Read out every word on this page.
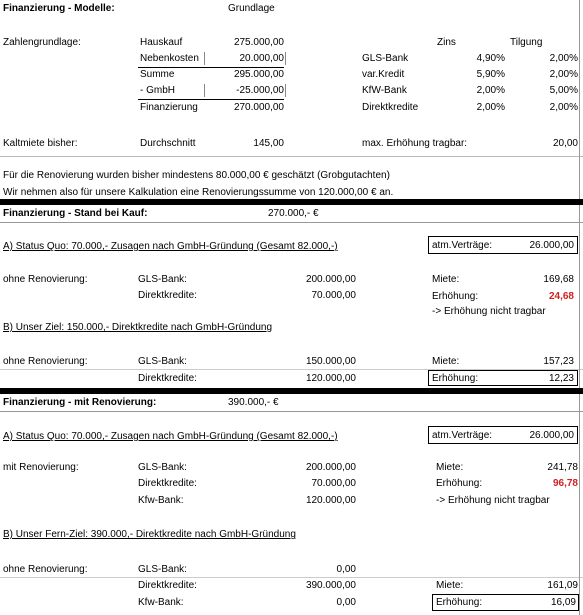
Finanzierung - Modelle:	Grundlage
Zahlengrundlage:	Hauskauf	275.000,00
Nebenkosten	20.000,00
Summe	295.000,00
- GmbH	-25.000,00
Finanzierung	270.000,00
Zins	Tilgung
GLS-Bank	4,90%	2,00%
var.Kredit	5,90%	2,00%
KfW-Bank	2,00%	5,00%
Direktkredite	2,00%	2,00%
Kaltmiete bisher:	Durchschnitt	145,00	max. Erhöhung tragbar:	20,00
Für die Renovierung wurden bisher mindestens 80.000,00 € geschätzt (Grobgutachten)
Wir nehmen also für unsere Kalkulation eine Renovierungssumme von 120.000,00 € an.
Finanzierung - Stand bei Kauf:	270.000,- €
A) Status Quo: 70.000,- Zusagen nach GmbH-Gründung (Gesamt 82.000,-)	atm.Verträge:	26.000,00
ohne Renovierung:	GLS-Bank:	200.000,00
Direktkredite:	70.000,00
Miete:	169,68
Erhöhung:	24,68
-> Erhöhung nicht tragbar
B) Unser Ziel: 150.000,- Direktkredite nach GmbH-Gründung
ohne Renovierung:	GLS-Bank:	150.000,00
Direktkredite:	120.000,00
Miete:	157,23
Erhöhung:	12,23
Finanzierung - mit Renovierung:	390.000,- €
A) Status Quo: 70.000,- Zusagen nach GmbH-Gründung (Gesamt 82.000,-)	atm.Verträge:	26.000,00
mit Renovierung:	GLS-Bank:	200.000,00
Direktkredite:	70.000,00
Kfw-Bank:	120.000,00
Miete:	241,78
Erhöhung:	96,78
-> Erhöhung nicht tragbar
B) Unser Fern-Ziel: 390.000,- Direktkredite nach GmbH-Gründung
ohne Renovierung:	GLS-Bank:	0,00
Direktkredite:	390.000,00
Kfw-Bank:	0,00
Miete:	161,09
Erhöhung:	16,09
